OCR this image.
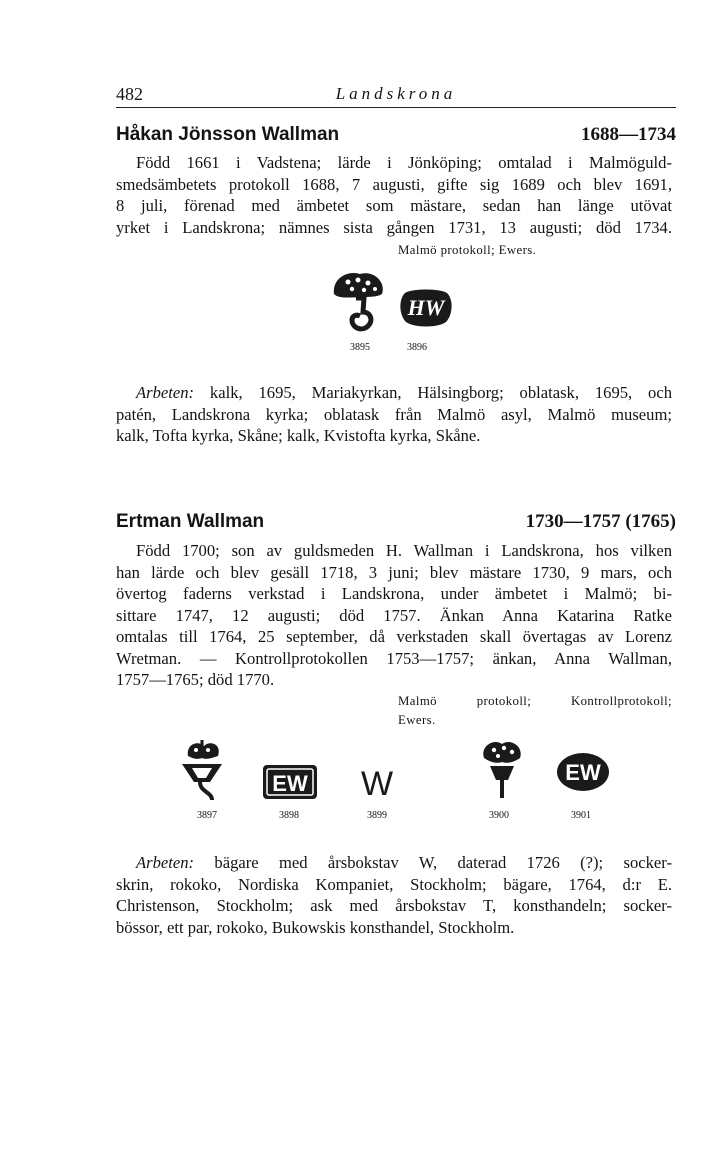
482	Landskrona
Håkan Jönsson Wallman	1688—1734
Född 1661 i Vadstena; lärde i Jönköping; omtalad i Malmöguld-
smedsämbetets protokoll 1688, 7 augusti, gifte sig 1689 och blev 1691,
8 juli, förenad med ämbetet som mästare, sedan han länge utövat
yrket i Landskrona; nämnes sista gången 1731, 13 augusti; död 1734.
Malmö protokoll; Ewers.
3895
HW
3896
Arbeten: kalk, 1695, Mariakyrkan, Hälsingborg; oblatask, 1695, och
patén, Landskrona kyrka; oblatask från Malmö asyl, Malmö museum;
kalk, Tofta kyrka, Skåne; kalk, Kvistofta kyrka, Skåne.
Ertman Wallman	1730—1757 (1765)
Född 1700; son av guldsmeden H. Wallman i Landskrona, hos vilken
han lärde och blev gesäll 1718, 3 juni; blev mästare 1730, 9 mars, och
övertog faderns verkstad i Landskrona, under ämbetet i Malmö; bi-
sittare 1747, 12 augusti; död 1757. Änkan Anna Katarina Ratke
omtalas till 1764, 25 september, då verkstaden skall övertagas av Lorenz
Wretman. — Kontrollprotokollen 1753—1757; änkan, Anna Wallman,
1757—1765; död 1770.
Malmö protokoll; Kontrollprotokoll;
Ewers.
3897
EW
3898
W
3899	3900
EW
3901
Arbeten: bägare med årsbokstav W, daterad 1726 (?); socker-
skrin, rokoko, Nordiska Kompaniet, Stockholm; bägare, 1764, d:r E.
Christenson, Stockholm; ask med årsbokstav T, konsthandeln; socker-
bössor, ett par, rokoko, Bukowskis konsthandel, Stockholm.
